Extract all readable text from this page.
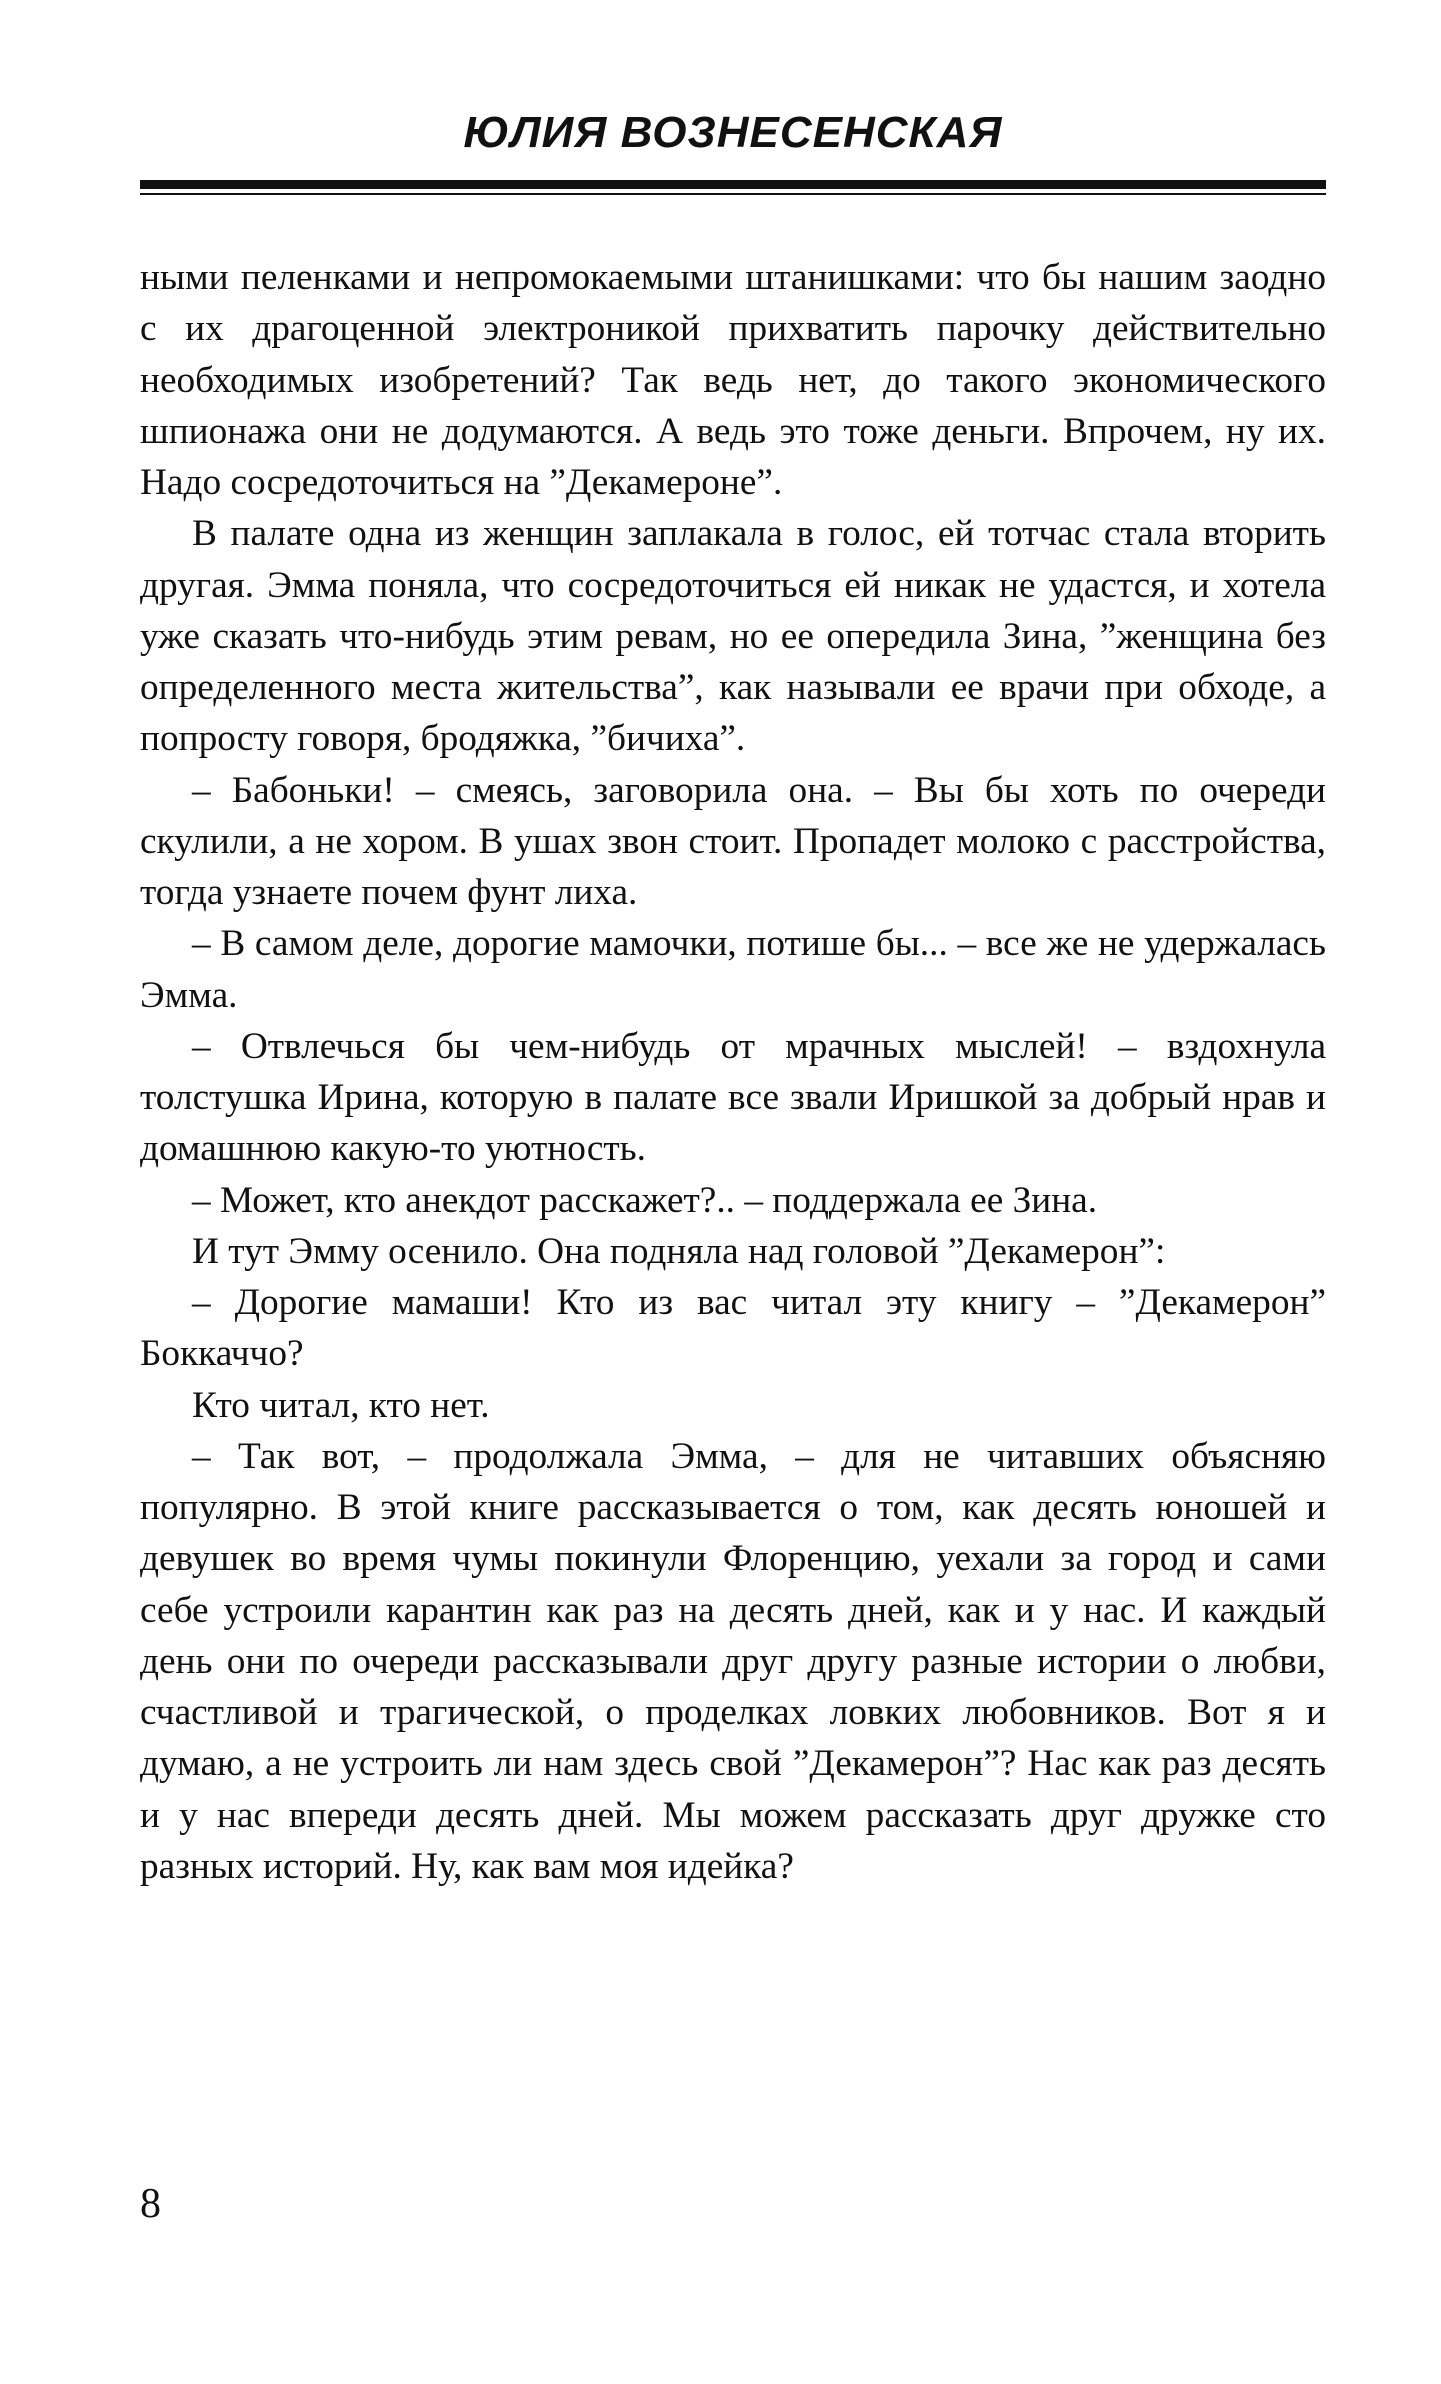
ЮЛИЯ ВОЗНЕСЕНСКАЯ

ными пеленками и непромокаемыми штанишками: что бы нашим заодно с их драгоценной электроникой прихватить парочку действительно необходимых изобретений? Так ведь нет, до такого экономического шпионажа они не додумаются. А ведь это тоже деньги. Впрочем, ну их. Надо сосредоточиться на ”Декамероне”.

В палате одна из женщин заплакала в голос, ей тотчас стала вторить другая. Эмма поняла, что сосредоточиться ей никак не удастся, и хотела уже сказать что-нибудь этим ревам, но ее опередила Зина, ”женщина без определенного места жительства”, как называли ее врачи при обходе, а попросту говоря, бродяжка, ”бичиха”.

– Бабоньки! – смеясь, заговорила она. – Вы бы хоть по очереди скулили, а не хором. В ушах звон стоит. Пропадет молоко с расстройства, тогда узнаете почем фунт лиха.

– В самом деле, дорогие мамочки, потише бы... – все же не удержалась Эмма.

– Отвлечься бы чем-нибудь от мрачных мыслей! – вздохнула толстушка Ирина, которую в палате все звали Иришкой за добрый нрав и домашнюю какую-то уютность.

– Может, кто анекдот расскажет?.. – поддержала ее Зина.

И тут Эмму осенило. Она подняла над головой ”Декамерон”:

– Дорогие мамаши! Кто из вас читал эту книгу – ”Декамерон” Боккаччо?

Кто читал, кто нет.

– Так вот, – продолжала Эмма, – для не читавших объясняю популярно. В этой книге рассказывается о том, как десять юношей и девушек во время чумы покинули Флоренцию, уехали за город и сами себе устроили карантин как раз на десять дней, как и у нас. И каждый день они по очереди рассказывали друг другу разные истории о любви, счастливой и трагической, о проделках ловких любовников. Вот я и думаю, а не устроить ли нам здесь свой ”Декамерон”? Нас как раз десять и у нас впереди десять дней. Мы можем рассказать друг дружке сто разных историй. Ну, как вам моя идейка?

8
